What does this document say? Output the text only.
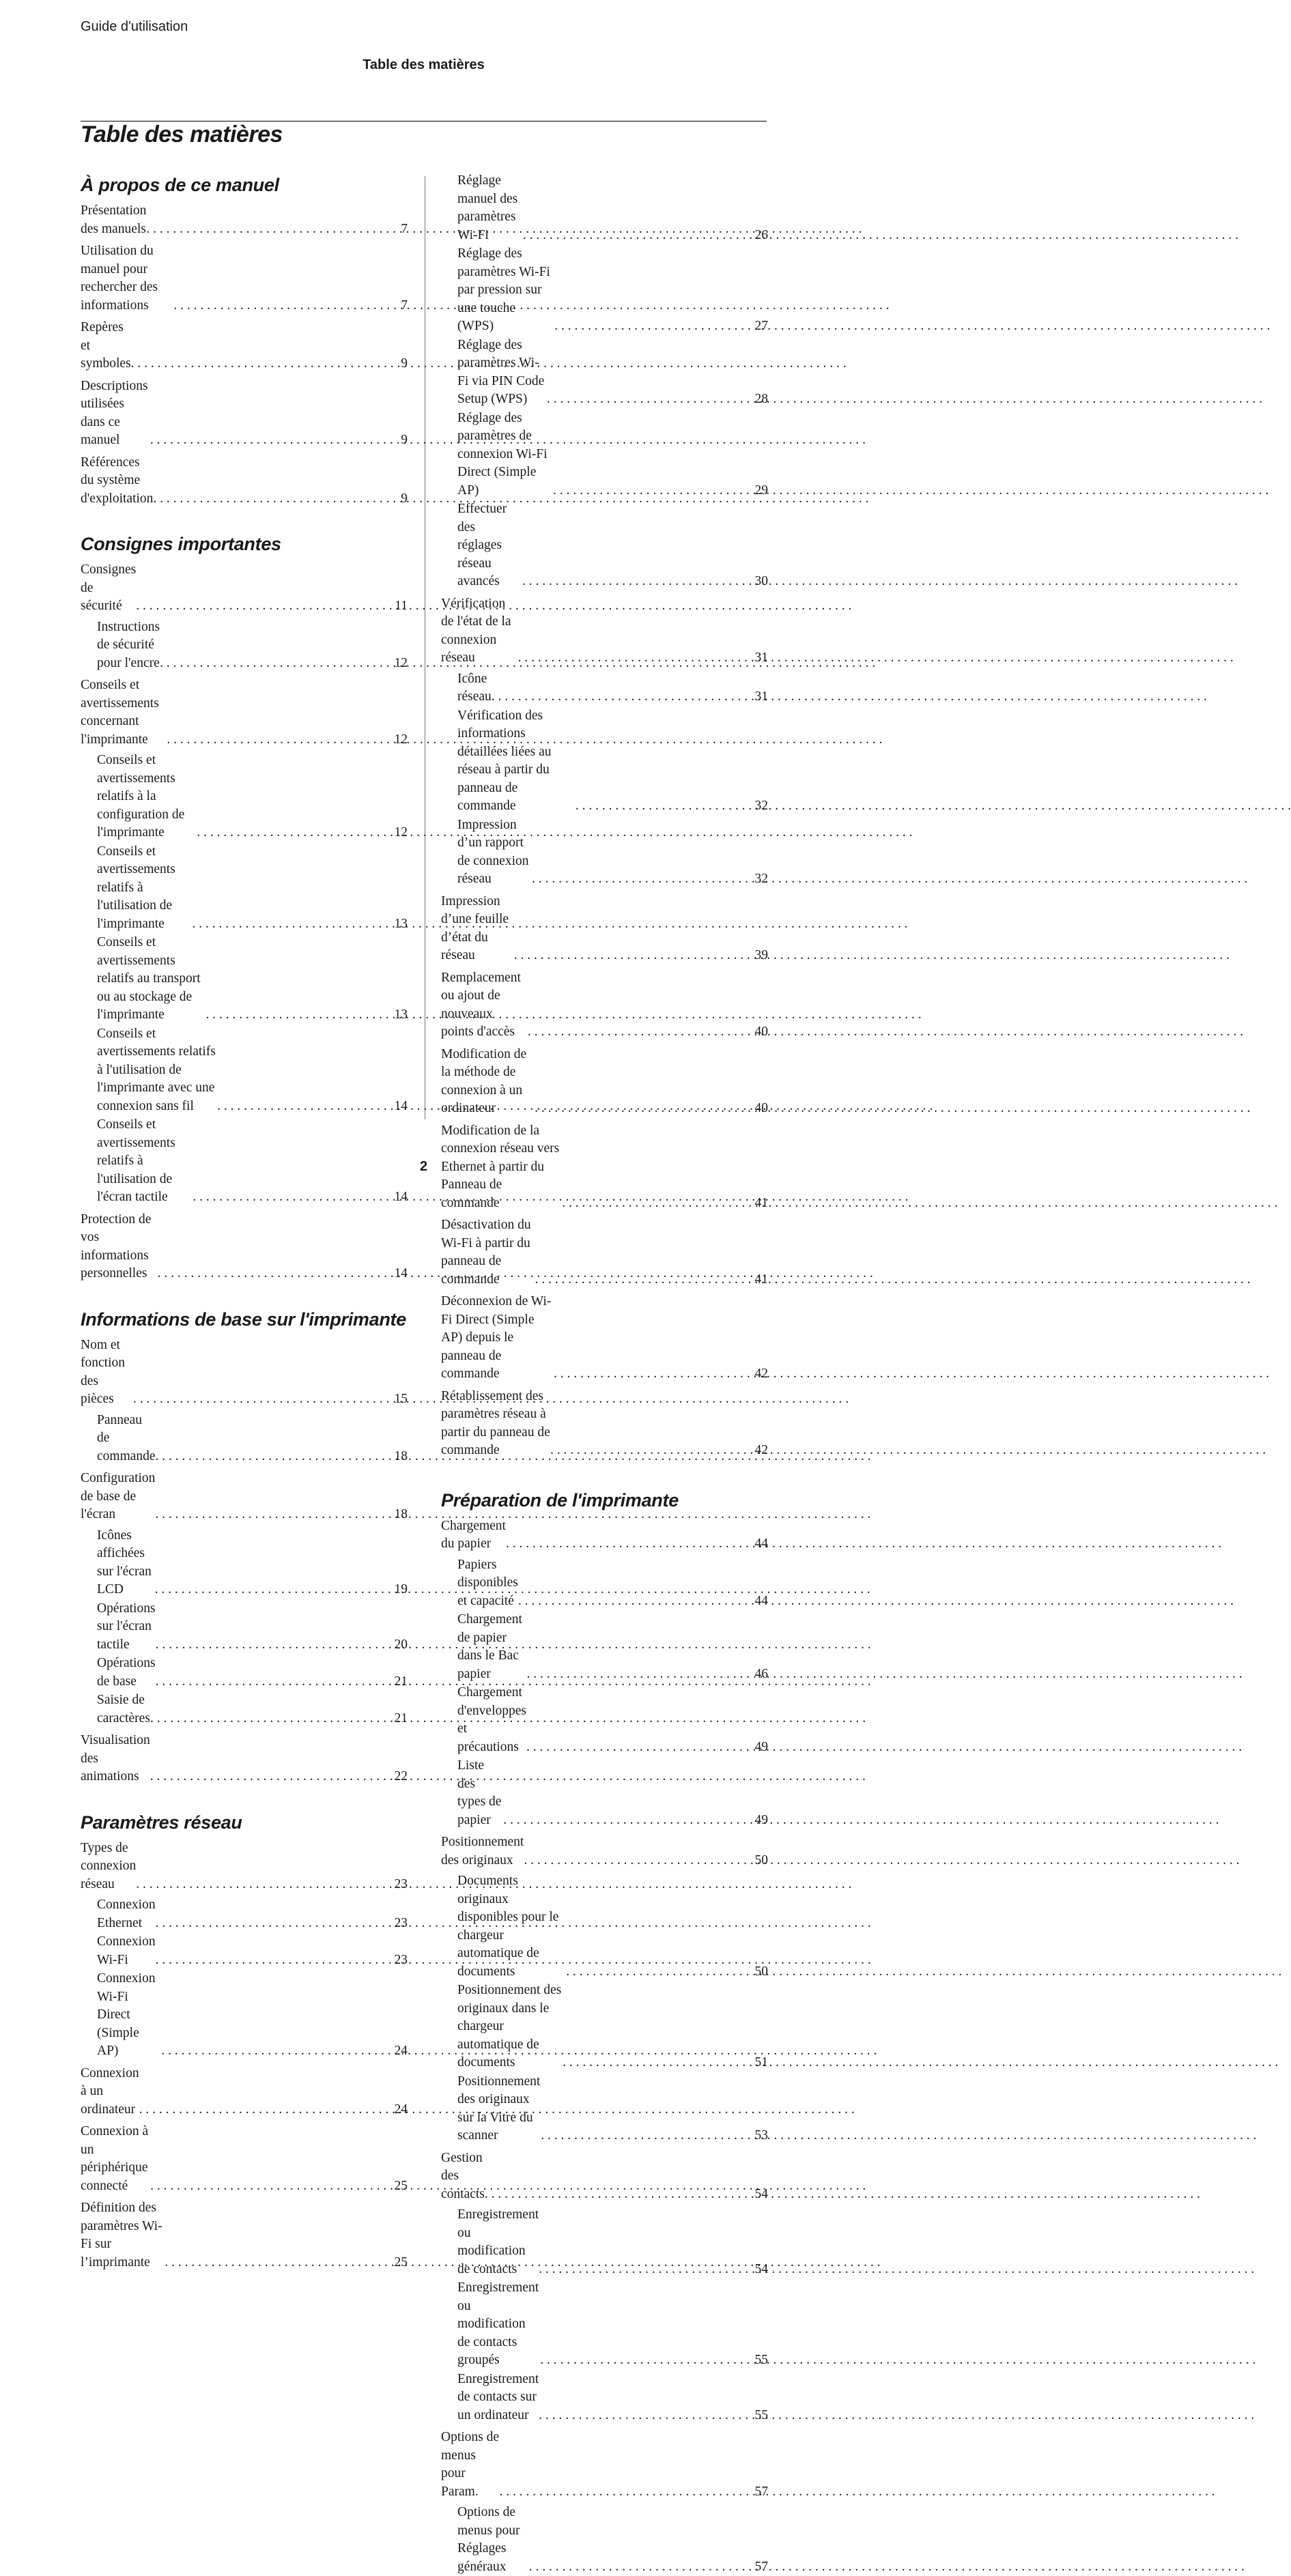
Guide d'utilisation
Table des matières
Table des matières
À propos de ce manuel
Présentation des manuels . . .	7
Utilisation du manuel pour rechercher des informations . . .	7
Repères et symboles . . .	9
Descriptions utilisées dans ce manuel . . .	9
Références du système d'exploitation . . .	9
Consignes importantes
Consignes de sécurité . . .	11
Instructions de sécurité pour l'encre . . .	12
Conseils et avertissements concernant l'imprimante . . .	12
Conseils et avertissements relatifs à la configuration de l'imprimante . . .	12
Conseils et avertissements relatifs à l'utilisation de l'imprimante . . .	13
Conseils et avertissements relatifs au transport ou au stockage de l'imprimante . . .	13
Conseils et avertissements relatifs à l'utilisation de l'imprimante avec une connexion sans fil . . .	14
Conseils et avertissements relatifs à l'utilisation de l'écran tactile . . .	14
Protection de vos informations personnelles . . .	14
Informations de base sur l'imprimante
Nom et fonction des pièces . . .	15
Panneau de commande . . .	18
Configuration de base de l'écran . . .	18
Icônes affichées sur l'écran LCD . . .	19
Opérations sur l'écran tactile . . .	20
Opérations de base . . .	21
Saisie de caractères . . .	21
Visualisation des animations . . .	22
Paramètres réseau
Types de connexion réseau . . .	23
Connexion Ethernet . . .	23
Connexion Wi-Fi . . .	23
Connexion Wi-Fi Direct (Simple AP) . . .	24
Connexion à un ordinateur . . .	24
Connexion à un périphérique connecté . . .	25
Définition des paramètres Wi-Fi sur l’imprimante . . .	25
Réglage manuel des paramètres Wi-Fi . . .	26
Réglage des paramètres Wi-Fi par pression sur une touche (WPS) . . .	27
Réglage des paramètres Wi-Fi via PIN Code Setup (WPS) . . .	28
Réglage des paramètres de connexion Wi-Fi Direct (Simple AP) . . .	29
Effectuer des réglages réseau avancés . . .	30
Vérification de l'état de la connexion réseau . . .	31
Icône réseau . . .	31
Vérification des informations détaillées liées au réseau à partir du panneau de commande . . .	32
Impression d’un rapport de connexion réseau . . .	32
Impression d’une feuille d’état du réseau . . .	39
Remplacement ou ajout de nouveaux points d'accès . . .	40
Modification de la méthode de connexion à un ordinateur . . .	40
Modification de la connexion réseau vers Ethernet à partir du Panneau de commande . . .	41
Désactivation du Wi-Fi à partir du panneau de commande . . .	41
Déconnexion de Wi-Fi Direct (Simple AP) depuis le panneau de commande . . .	42
Rétablissement des paramètres réseau à partir du panneau de commande . . .	42
Préparation de l'imprimante
Chargement du papier . . .	44
Papiers disponibles et capacité . . .	44
Chargement de papier dans le Bac papier . . .	46
Chargement d'enveloppes et précautions . . .	49
Liste des types de papier . . .	49
Positionnement des originaux . . .	50
Documents originaux disponibles pour le chargeur automatique de documents . . .	50
Positionnement des originaux dans le chargeur automatique de documents . . .	51
Positionnement des originaux sur la Vitre du scanner . . .	53
Gestion des contacts . . .	54
Enregistrement ou modification de contacts . . .	54
Enregistrement ou modification de contacts groupés . . .	55
Enregistrement de contacts sur un ordinateur . . .	55
Options de menus pour Param. . . .	57
Options de menus pour Réglages généraux . . .	57
2
